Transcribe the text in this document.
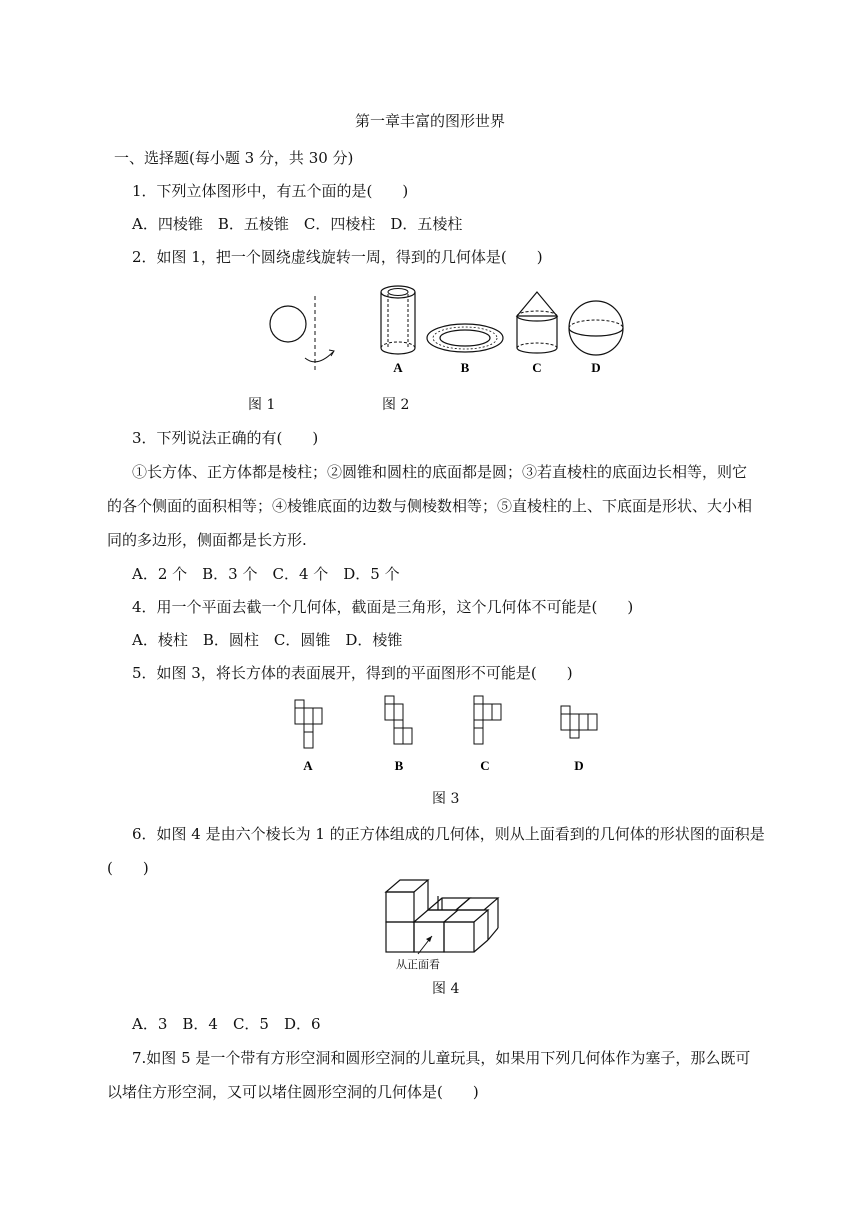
第一章丰富的图形世界
一、选择题(每小题 3 分，共 30 分)
1．下列立体图形中，有五个面的是(　　)
A．四棱锥　B．五棱锥　C．四棱柱　D．五棱柱
2．如图 1，把一个圆绕虚线旋转一周，得到的几何体是(　　)
A	B	C	D
图 1	图 2
3．下列说法正确的有(　　)
①长方体、正方体都是棱柱；②圆锥和圆柱的底面都是圆；③若直棱柱的底面边长相等，则它
的各个侧面的面积相等；④棱锥底面的边数与侧棱数相等；⑤直棱柱的上、下底面是形状、大小相
同的多边形，侧面都是长方形.
A．2 个　B．3 个　C．4 个　D．5 个
4．用一个平面去截一个几何体，截面是三角形，这个几何体不可能是(　　)
A．棱柱　B．圆柱　C．圆锥　D．棱锥
5．如图 3，将长方体的表面展开，得到的平面图形不可能是(　　)
A	B	C	D
图 3
6．如图 4 是由六个棱长为 1 的正方体组成的几何体，则从上面看到的几何体的形状图的面积是
(　　)
从正面看
图 4
A．3　B．4　C．5　D．6
7.如图 5 是一个带有方形空洞和圆形空洞的儿童玩具，如果用下列几何体作为塞子，那么既可
以堵住方形空洞，又可以堵住圆形空洞的几何体是(　　)
